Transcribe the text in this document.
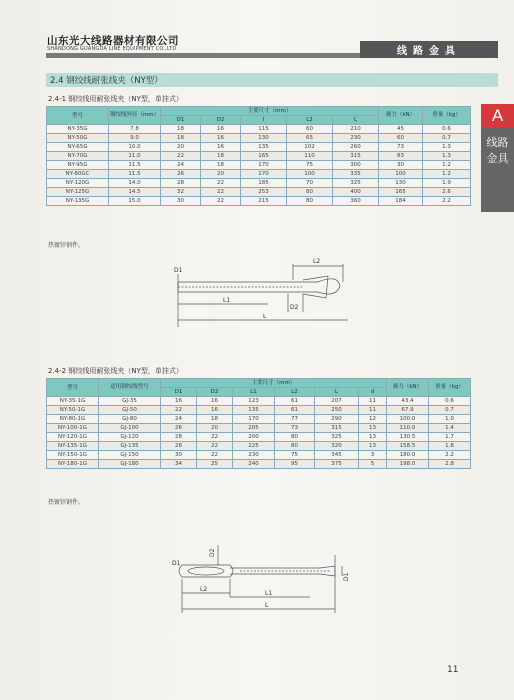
山东光大线路器材有限公司
SHANDONG GUANGDA LINE EQUIPMENT CO.,LTD	线路金具
A
线路金具
2.4 钢绞线耐张线夹（NY型）
2.4-1 钢绞线用耐张线夹（NY型，单挂式）
型号	钢绞线外径（mm）	主要尺寸（mm）					握力（kN）	重量（kg）
		D1	D2	I	L2	L		
NY-35G	7.8	18	16	115	60	210	45	0.6
NY-50G	9.0	18	16	130	65	230	60	0.7
NY-65G	10.0	20	16	135	102	260	73	1.3
NY-70G	11.0	22	18	165	110	315	83	1.3
NY-95G	11.5	24	18	170	75	300	30	1.2
NY-80GC	11.5	26	20	170	100	335	100	1.2
NY-120G	14.0	28	22	185	70	325	130	1.9
NY-125G	14.5	32	22	253	80	400	165	2.6
NY-135G	15.0	30	22	215	80	360	184	2.2
热镀锌钢件。
D1
L2
L1
D2
L
2.4-2 钢绞线用耐张线夹（NY型，单挂式）
型号	适用钢绞线型号	主要尺寸（mm）						握力（kN）	重量（kg）
		D1	D2	L1	L2	L	d		
NY-35-1G	GJ-35	16	16	123	61	207	11	43.4	0.6
NY-50-1G	GJ-50	22	16	135	61	250	11	67.9	0.7
NY-80-1G	GJ-80	24	18	170	77	290	12	100.0	1.0
NY-100-1G	GJ-100	26	20	205	73	315	13	110.0	1.4
NY-120-1G	GJ-120	28	22	200	80	325	13	130.5	1.7
NY-135-1G	GJ-135	28	22	225	80	320	13	158.5	1.8
NY-150-1G	GJ-150	30	22	230	75	345	3	180.0	2.2
NY-180-1G	GJ-180	34	25	240	95	375	5	198.0	2.8
热镀锌钢件。
D2
D1
L2
L1
D1
L
11
